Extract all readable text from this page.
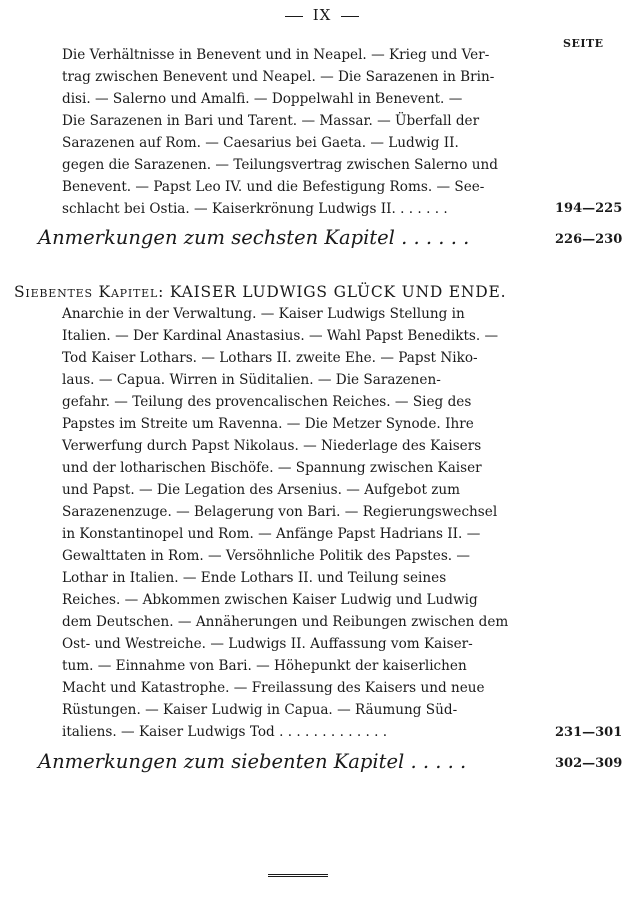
IX
SEITE
Die Verhältnisse in Benevent und in Neapel. — Krieg und Ver-
trag zwischen Benevent und Neapel. — Die Sarazenen in Brin-
disi. — Salerno und Amalfi. — Doppelwahl in Benevent. —
Die Sarazenen in Bari und Tarent. — Massar. — Überfall der
Sarazenen auf Rom. — Caesarius bei Gaeta. — Ludwig II.
gegen die Sarazenen. — Teilungsvertrag zwischen Salerno und
Benevent. — Papst Leo IV. und die Befestigung Roms. — See-
schlacht bei Ostia. — Kaiserkrönung Ludwigs II. . . . . . .	194—225
Anmerkungen zum sechsten Kapitel . . . . . .	226—230
Siebentes Kapitel: KAISER LUDWIGS GLÜCK UND ENDE.
Anarchie in der Verwaltung. — Kaiser Ludwigs Stellung in
Italien. — Der Kardinal Anastasius. — Wahl Papst Benedikts. —
Tod Kaiser Lothars. — Lothars II. zweite Ehe. — Papst Niko-
laus. — Capua. Wirren in Süditalien. — Die Sarazenen-
gefahr. — Teilung des provencalischen Reiches. — Sieg des
Papstes im Streite um Ravenna. — Die Metzer Synode. Ihre
Verwerfung durch Papst Nikolaus. — Niederlage des Kaisers
und der lotharischen Bischöfe. — Spannung zwischen Kaiser
und Papst. — Die Legation des Arsenius. — Aufgebot zum
Sarazenenzuge. — Belagerung von Bari. — Regierungswechsel
in Konstantinopel und Rom. — Anfänge Papst Hadrians II. —
Gewalttaten in Rom. — Versöhnliche Politik des Papstes. —
Lothar in Italien. — Ende Lothars II. und Teilung seines
Reiches. — Abkommen zwischen Kaiser Ludwig und Ludwig
dem Deutschen. — Annäherungen und Reibungen zwischen dem
Ost- und Westreiche. — Ludwigs II. Auffassung vom Kaiser-
tum. — Einnahme von Bari. — Höhepunkt der kaiserlichen
Macht und Katastrophe. — Freilassung des Kaisers und neue
Rüstungen. — Kaiser Ludwig in Capua. — Räumung Süd-
italiens. — Kaiser Ludwigs Tod . . . . . . . . . . . . .	231—301
Anmerkungen zum siebenten Kapitel . . . . .	302—309
